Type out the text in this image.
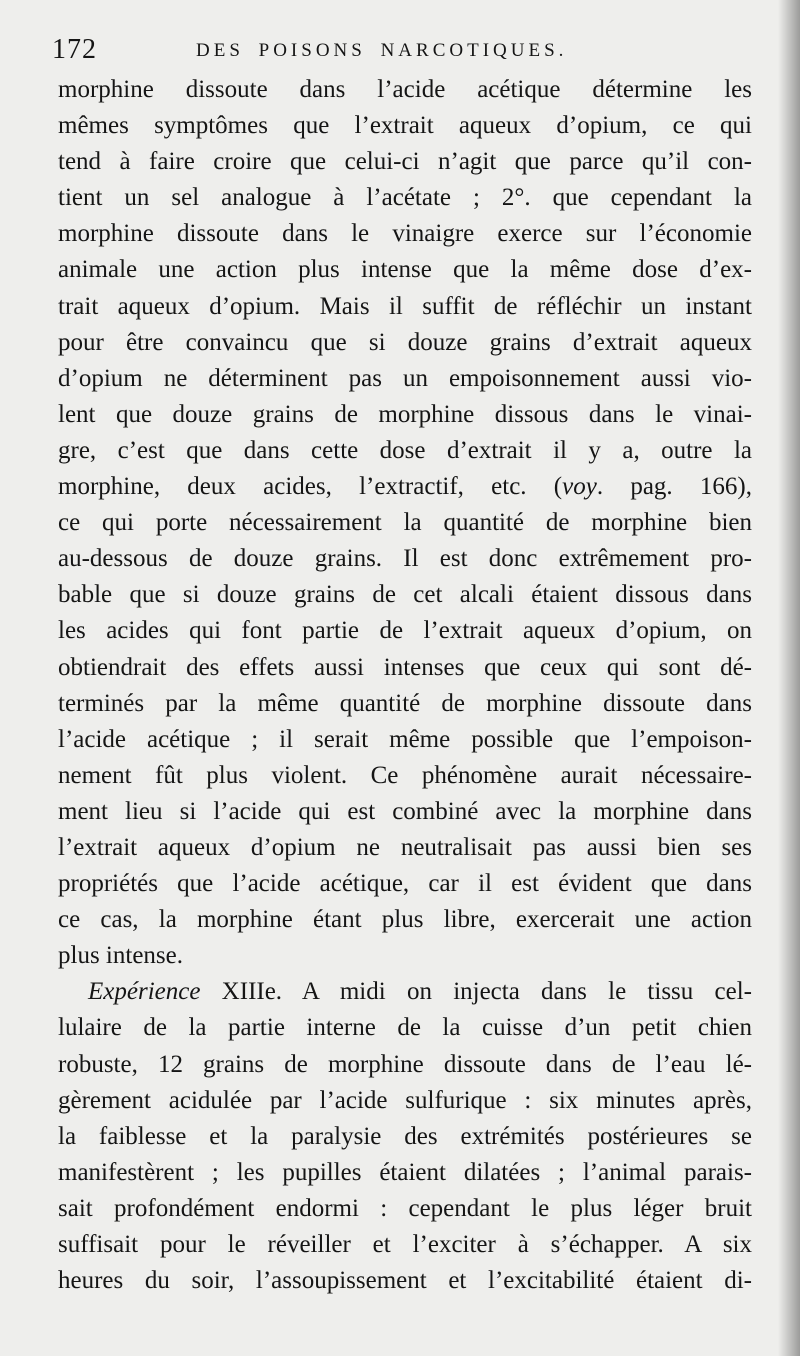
172	DES POISONS NARCOTIQUES.
morphine dissoute dans l’acide acétique détermine les
mêmes symptômes que l’extrait aqueux d’opium, ce qui
tend à faire croire que celui-ci n’agit que parce qu’il con-
tient un sel analogue à l’acétate ; 2°. que cependant la
morphine dissoute dans le vinaigre exerce sur l’économie
animale une action plus intense que la même dose d’ex-
trait aqueux d’opium. Mais il suffit de réfléchir un instant
pour être convaincu que si douze grains d’extrait aqueux
d’opium ne déterminent pas un empoisonnement aussi vio-
lent que douze grains de morphine dissous dans le vinai-
gre, c’est que dans cette dose d’extrait il y a, outre la
morphine, deux acides, l’extractif, etc. (voy. pag. 166),
ce qui porte nécessairement la quantité de morphine bien
au-dessous de douze grains. Il est donc extrêmement pro-
bable que si douze grains de cet alcali étaient dissous dans
les acides qui font partie de l’extrait aqueux d’opium, on
obtiendrait des effets aussi intenses que ceux qui sont dé-
terminés par la même quantité de morphine dissoute dans
l’acide acétique ; il serait même possible que l’empoison-
nement fût plus violent. Ce phénomène aurait nécessaire-
ment lieu si l’acide qui est combiné avec la morphine dans
l’extrait aqueux d’opium ne neutralisait pas aussi bien ses
propriétés que l’acide acétique, car il est évident que dans
ce cas, la morphine étant plus libre, exercerait une action
plus intense.
Expérience XIIIe. A midi on injecta dans le tissu cel-
lulaire de la partie interne de la cuisse d’un petit chien
robuste, 12 grains de morphine dissoute dans de l’eau lé-
gèrement acidulée par l’acide sulfurique : six minutes après,
la faiblesse et la paralysie des extrémités postérieures se
manifestèrent ; les pupilles étaient dilatées ; l’animal parais-
sait profondément endormi : cependant le plus léger bruit
suffisait pour le réveiller et l’exciter à s’échapper. A six
heures du soir, l’assoupissement et l’excitabilité étaient di-
